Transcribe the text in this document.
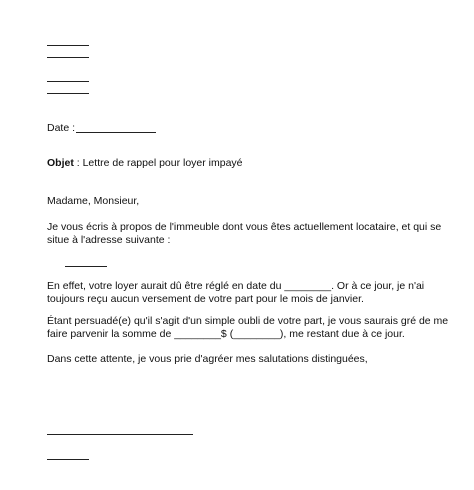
Date :
Objet : Lettre de rappel pour loyer impayé
Madame, Monsieur,
Je vous écris à propos de l'immeuble dont vous êtes actuellement locataire, et qui se
situe à l'adresse suivante :
En effet, votre loyer aurait dû être réglé en date du ________. Or à ce jour, je n'ai
toujours reçu aucun versement de votre part pour le mois de janvier.
Étant persuadé(e) qu'il s'agit d'un simple oubli de votre part, je vous saurais gré de me
faire parvenir la somme de ________$ (________), me restant due à ce jour.
Dans cette attente, je vous prie d'agréer mes salutations distinguées,
